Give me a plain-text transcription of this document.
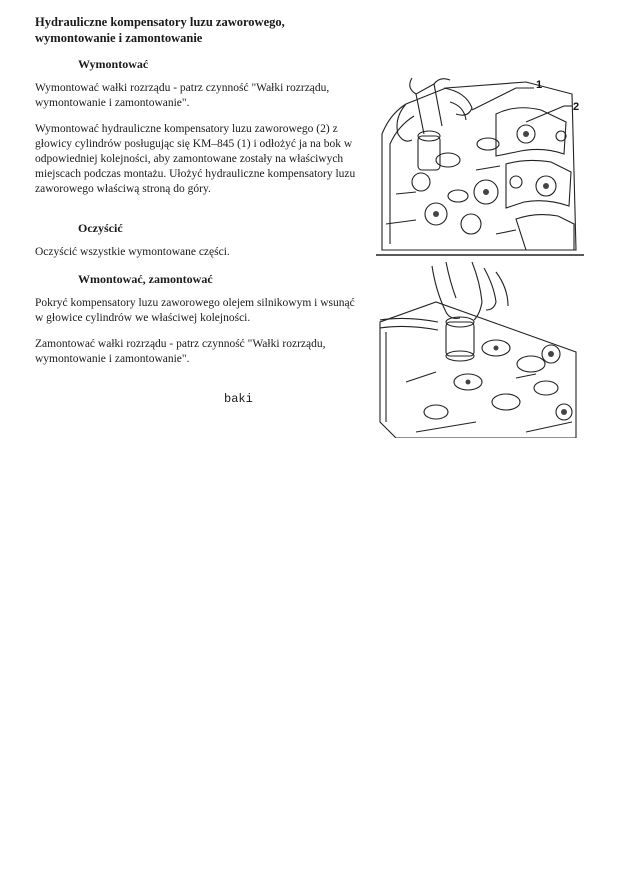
Hydrauliczne kompensatory luzu zaworowego, wymontowanie i zamontowanie
Wymontować

Wymontować wałki rozrządu - patrz czynność "Wałki rozrządu, wymontowanie i zamontowanie".

Wymontować hydrauliczne kompensatory luzu zaworowego (2) z głowicy cylindrów posługując się KM–845 (1) i odłożyć ja na bok w odpowiedniej kolejności, aby zamontowane zostały na właściwych miejscach podczas montażu. Ułożyć hydrauliczne kompensatory luzu zaworowego właściwą stroną do góry.

Oczyścić

Oczyścić wszystkie wymontowane części.

Wmontować, zamontować

Pokryć kompensatory luzu zaworowego olejem silnikowym i wsunąć w głowice cylindrów we właściwej kolejności.

Zamontować wałki rozrządu - patrz czynność "Wałki rozrządu, wymontowanie i zamontowanie".

baki

1
2
